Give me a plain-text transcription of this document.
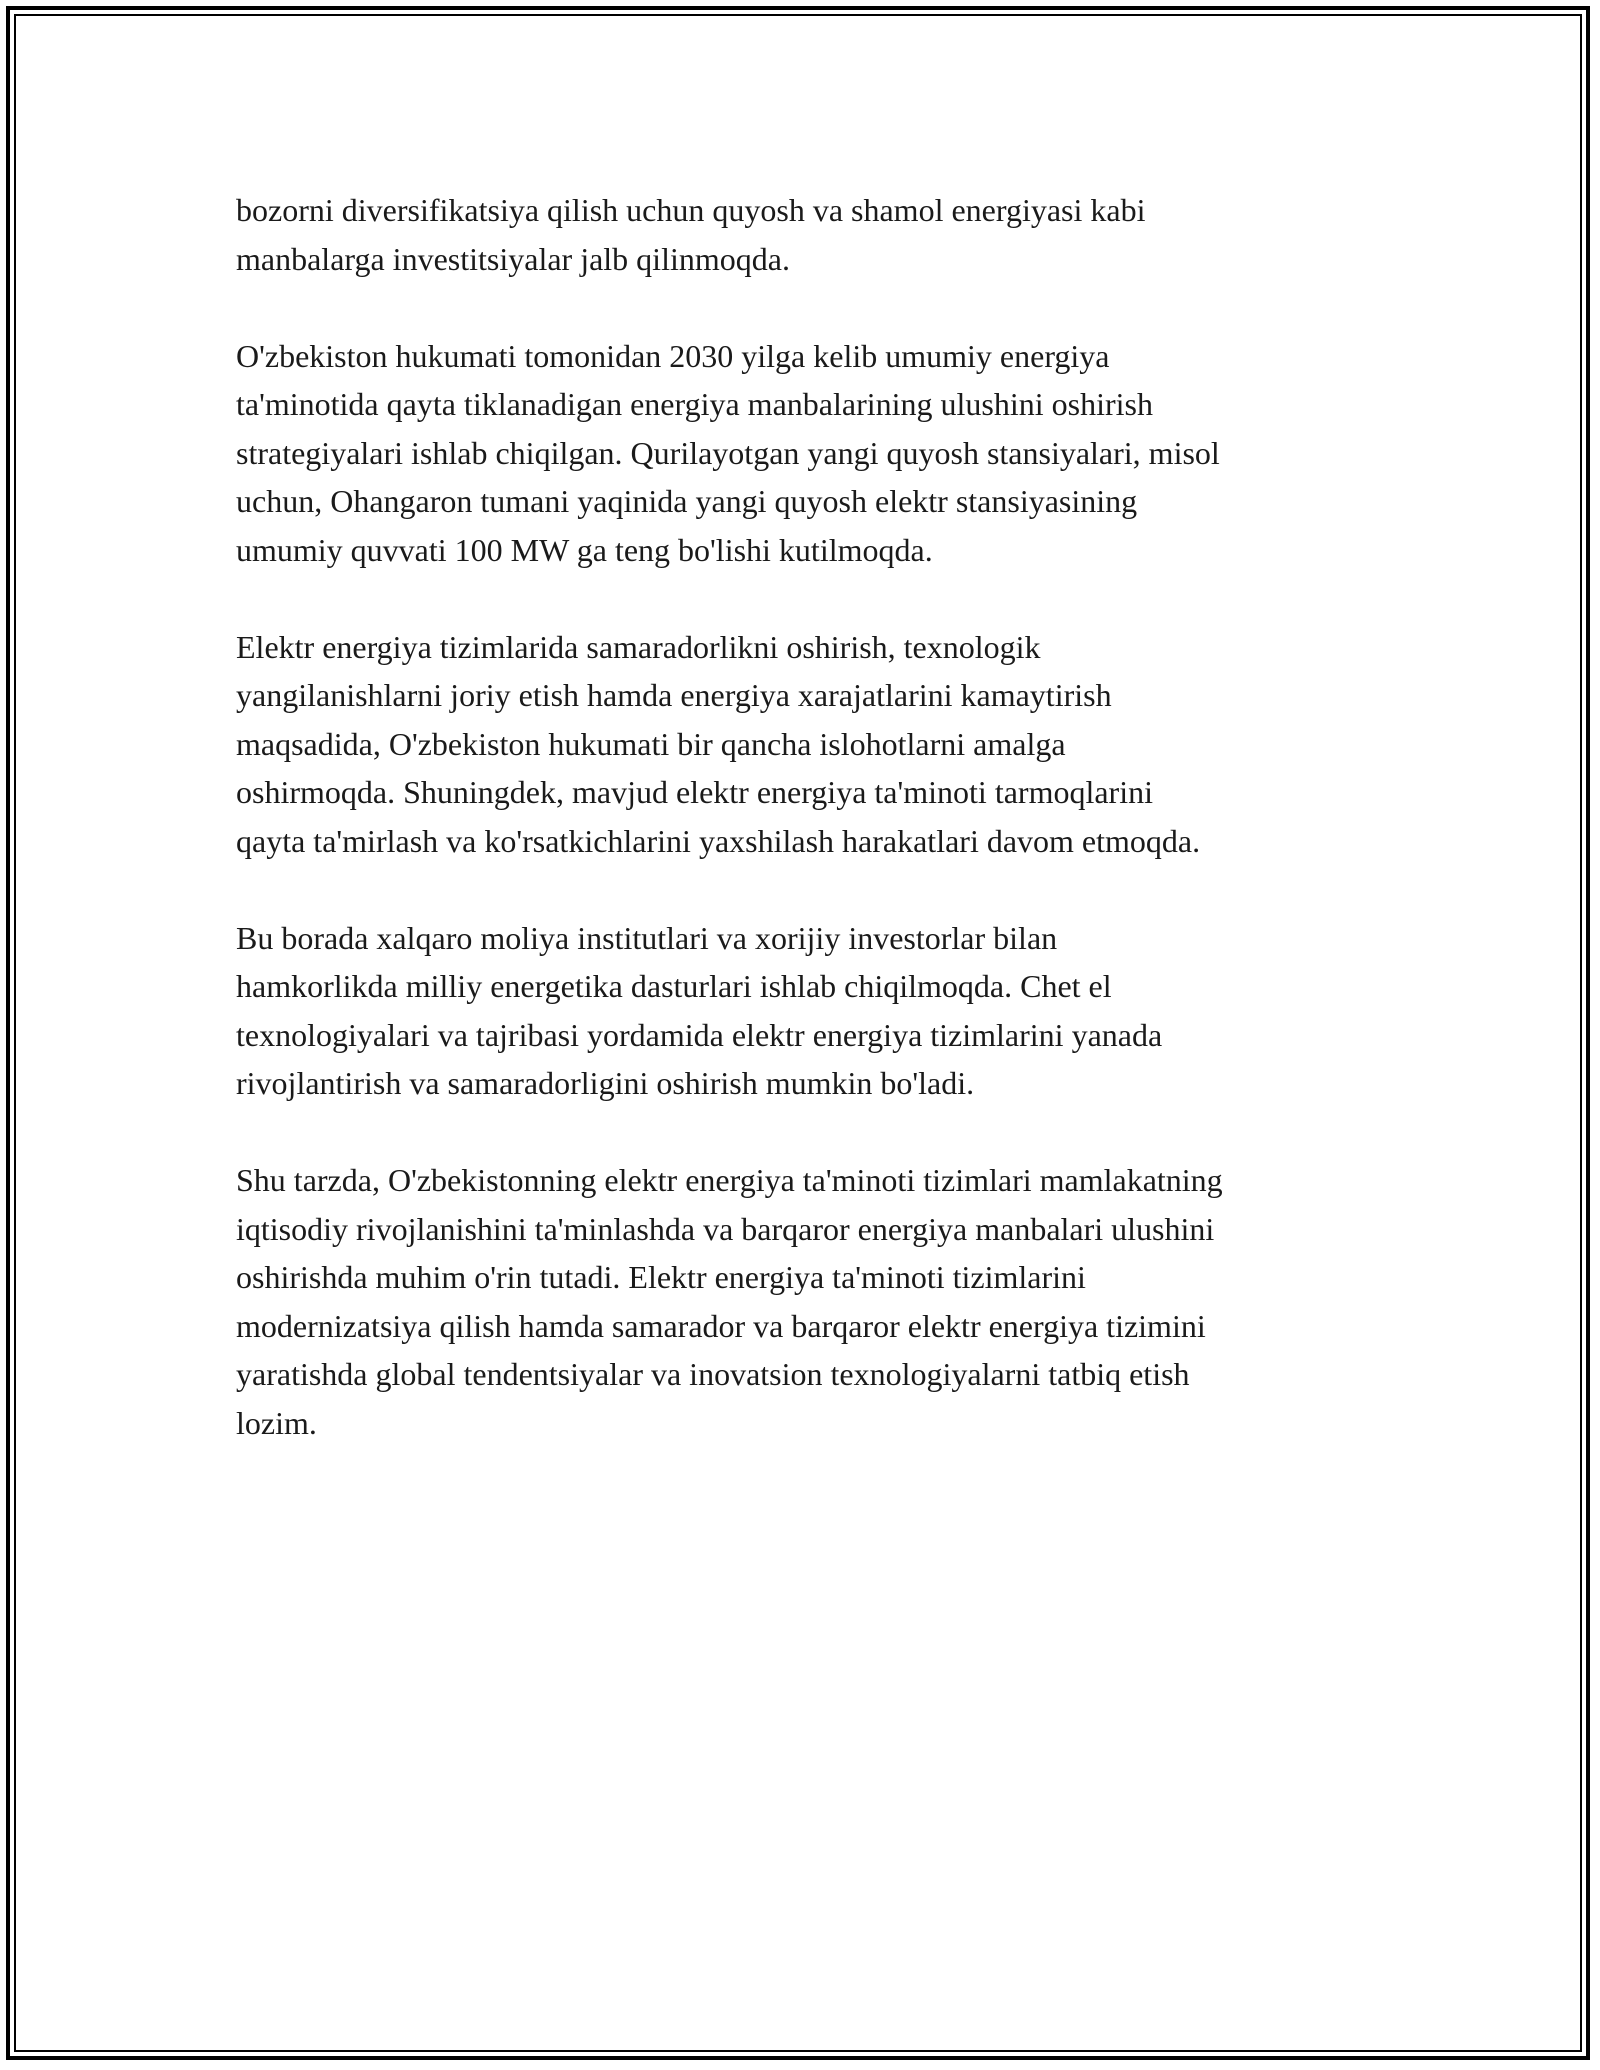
bozorni diversifikatsiya qilish uchun quyosh va shamol energiyasi kabi
manbalarga investitsiyalar jalb qilinmoqda.

O'zbekiston hukumati tomonidan 2030 yilga kelib umumiy energiya
ta'minotida qayta tiklanadigan energiya manbalarining ulushini oshirish
strategiyalari ishlab chiqilgan. Qurilayotgan yangi quyosh stansiyalari, misol
uchun, Ohangaron tumani yaqinida yangi quyosh elektr stansiyasining
umumiy quvvati 100 MW ga teng bo'lishi kutilmoqda.

Elektr energiya tizimlarida samaradorlikni oshirish, texnologik
yangilanishlarni joriy etish hamda energiya xarajatlarini kamaytirish
maqsadida, O'zbekiston hukumati bir qancha islohotlarni amalga
oshirmoqda. Shuningdek, mavjud elektr energiya ta'minoti tarmoqlarini
qayta ta'mirlash va ko'rsatkichlarini yaxshilash harakatlari davom etmoqda.

Bu borada xalqaro moliya institutlari va xorijiy investorlar bilan
hamkorlikda milliy energetika dasturlari ishlab chiqilmoqda. Chet el
texnologiyalari va tajribasi yordamida elektr energiya tizimlarini yanada
rivojlantirish va samaradorligini oshirish mumkin bo'ladi.

Shu tarzda, O'zbekistonning elektr energiya ta'minoti tizimlari mamlakatning
iqtisodiy rivojlanishini ta'minlashda va barqaror energiya manbalari ulushini
oshirishda muhim o'rin tutadi. Elektr energiya ta'minoti tizimlarini
modernizatsiya qilish hamda samarador va barqaror elektr energiya tizimini
yaratishda global tendentsiyalar va inovatsion texnologiyalarni tatbiq etish
lozim.
